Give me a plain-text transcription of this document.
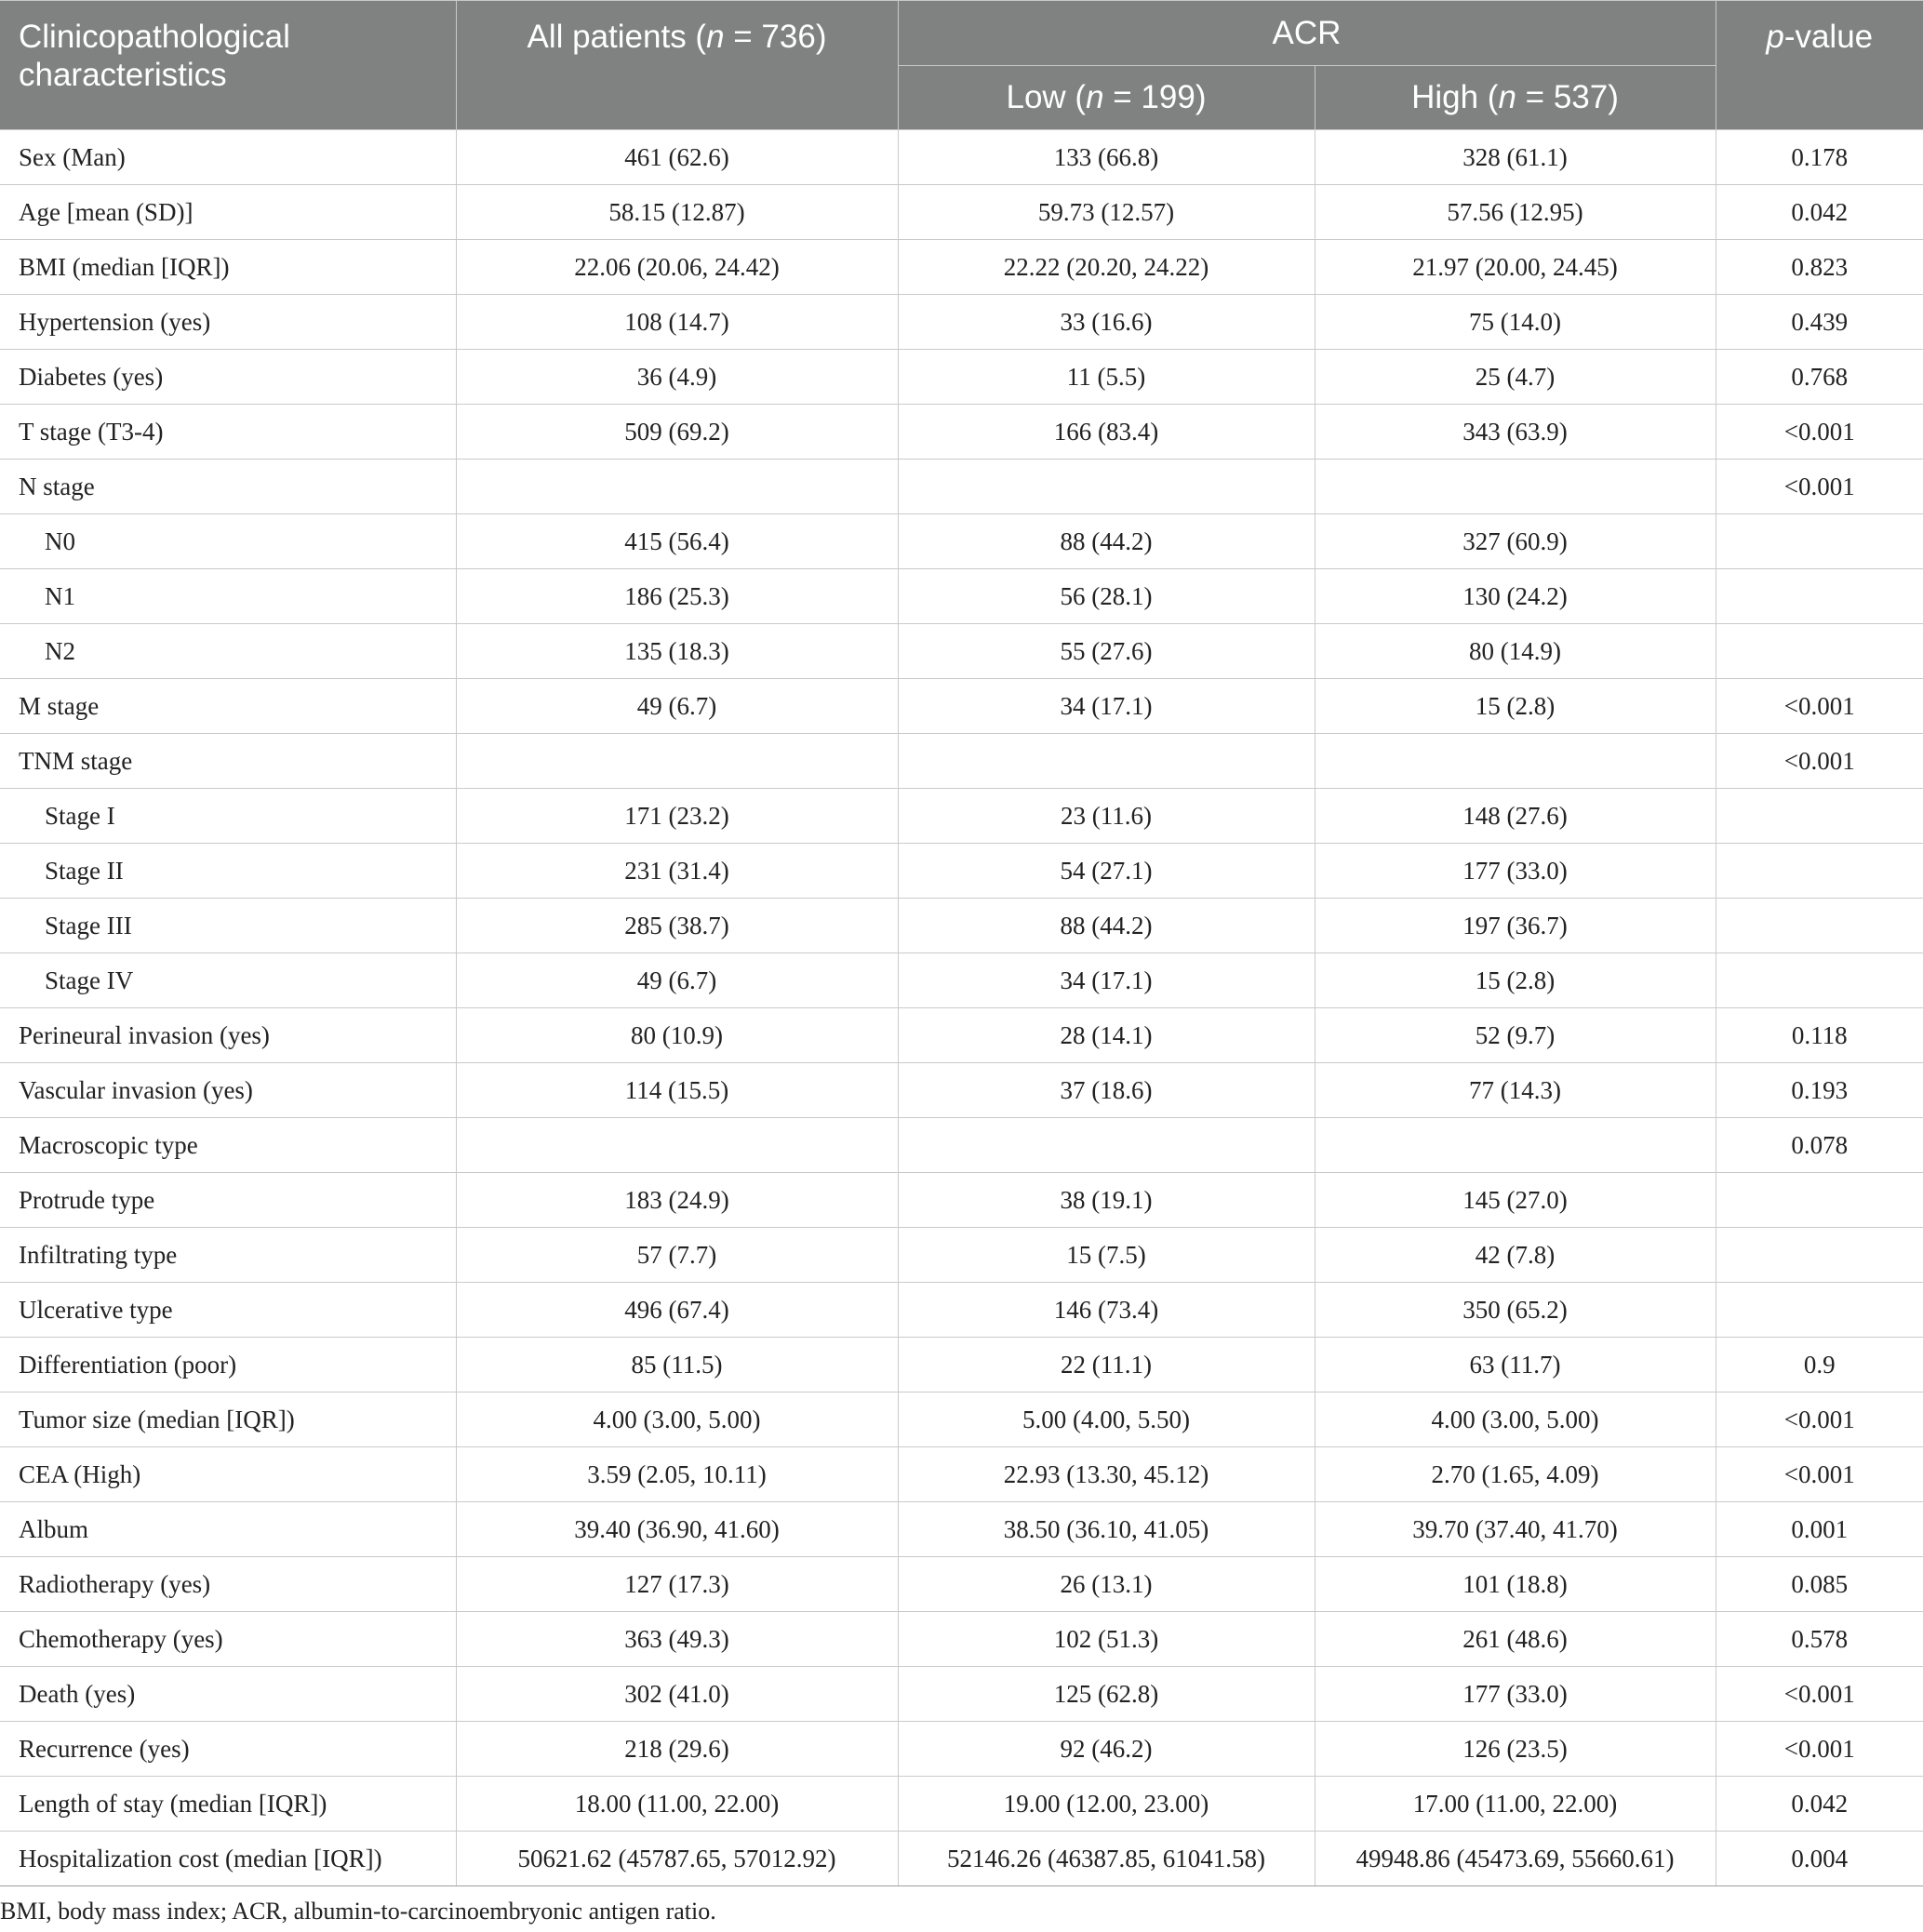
Clinicopathological characteristics	All patients (n = 736)	ACR		p-value
		Low (n = 199)	High (n = 537)	
Sex (Man)	461 (62.6)	133 (66.8)	328 (61.1)	0.178
Age [mean (SD)]	58.15 (12.87)	59.73 (12.57)	57.56 (12.95)	0.042
BMI (median [IQR])	22.06 (20.06, 24.42)	22.22 (20.20, 24.22)	21.97 (20.00, 24.45)	0.823
Hypertension (yes)	108 (14.7)	33 (16.6)	75 (14.0)	0.439
Diabetes (yes)	36 (4.9)	11 (5.5)	25 (4.7)	0.768
T stage (T3-4)	509 (69.2)	166 (83.4)	343 (63.9)	<0.001
N stage				<0.001
N0	415 (56.4)	88 (44.2)	327 (60.9)	
N1	186 (25.3)	56 (28.1)	130 (24.2)	
N2	135 (18.3)	55 (27.6)	80 (14.9)	
M stage	49 (6.7)	34 (17.1)	15 (2.8)	<0.001
TNM stage				<0.001
Stage I	171 (23.2)	23 (11.6)	148 (27.6)	
Stage II	231 (31.4)	54 (27.1)	177 (33.0)	
Stage III	285 (38.7)	88 (44.2)	197 (36.7)	
Stage IV	49 (6.7)	34 (17.1)	15 (2.8)	
Perineural invasion (yes)	80 (10.9)	28 (14.1)	52 (9.7)	0.118
Vascular invasion (yes)	114 (15.5)	37 (18.6)	77 (14.3)	0.193
Macroscopic type				0.078
Protrude type	183 (24.9)	38 (19.1)	145 (27.0)	
Infiltrating type	57 (7.7)	15 (7.5)	42 (7.8)	
Ulcerative type	496 (67.4)	146 (73.4)	350 (65.2)	
Differentiation (poor)	85 (11.5)	22 (11.1)	63 (11.7)	0.9
Tumor size (median [IQR])	4.00 (3.00, 5.00)	5.00 (4.00, 5.50)	4.00 (3.00, 5.00)	<0.001
CEA (High)	3.59 (2.05, 10.11)	22.93 (13.30, 45.12)	2.70 (1.65, 4.09)	<0.001
Album	39.40 (36.90, 41.60)	38.50 (36.10, 41.05)	39.70 (37.40, 41.70)	0.001
Radiotherapy (yes)	127 (17.3)	26 (13.1)	101 (18.8)	0.085
Chemotherapy (yes)	363 (49.3)	102 (51.3)	261 (48.6)	0.578
Death (yes)	302 (41.0)	125 (62.8)	177 (33.0)	<0.001
Recurrence (yes)	218 (29.6)	92 (46.2)	126 (23.5)	<0.001
Length of stay (median [IQR])	18.00 (11.00, 22.00)	19.00 (12.00, 23.00)	17.00 (11.00, 22.00)	0.042
Hospitalization cost (median [IQR])	50621.62 (45787.65, 57012.92)	52146.26 (46387.85, 61041.58)	49948.86 (45473.69, 55660.61)	0.004
BMI, body mass index; ACR, albumin-to-carcinoembryonic antigen ratio.
